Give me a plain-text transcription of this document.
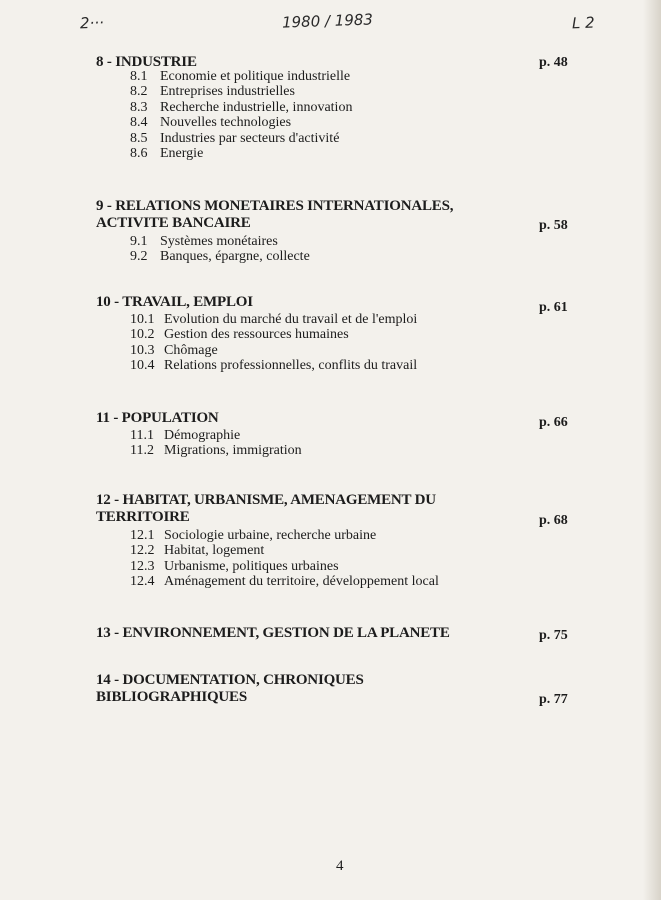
2···	1980 / 1983	L 2
8 - INDUSTRIE	p. 48
8.1 Economie et politique industrielle
8.2 Entreprises industrielles
8.3 Recherche industrielle, innovation
8.4 Nouvelles technologies
8.5 Industries par secteurs d'activité
8.6 Energie
9 - RELATIONS MONETAIRES INTERNATIONALES, ACTIVITE BANCAIRE	p. 58
9.1 Systèmes monétaires
9.2 Banques, épargne, collecte
10 - TRAVAIL, EMPLOI	p. 61
10.1 Evolution du marché du travail et de l'emploi
10.2 Gestion des ressources humaines
10.3 Chômage
10.4 Relations professionnelles, conflits du travail
11 - POPULATION	p. 66
11.1 Démographie
11.2 Migrations, immigration
12 - HABITAT, URBANISME, AMENAGEMENT DU TERRITOIRE	p. 68
12.1 Sociologie urbaine, recherche urbaine
12.2 Habitat, logement
12.3 Urbanisme, politiques urbaines
12.4 Aménagement du territoire, développement local
13 - ENVIRONNEMENT, GESTION DE LA PLANETE	p. 75
14 - DOCUMENTATION, CHRONIQUES BIBLIOGRAPHIQUES	p. 77
4
